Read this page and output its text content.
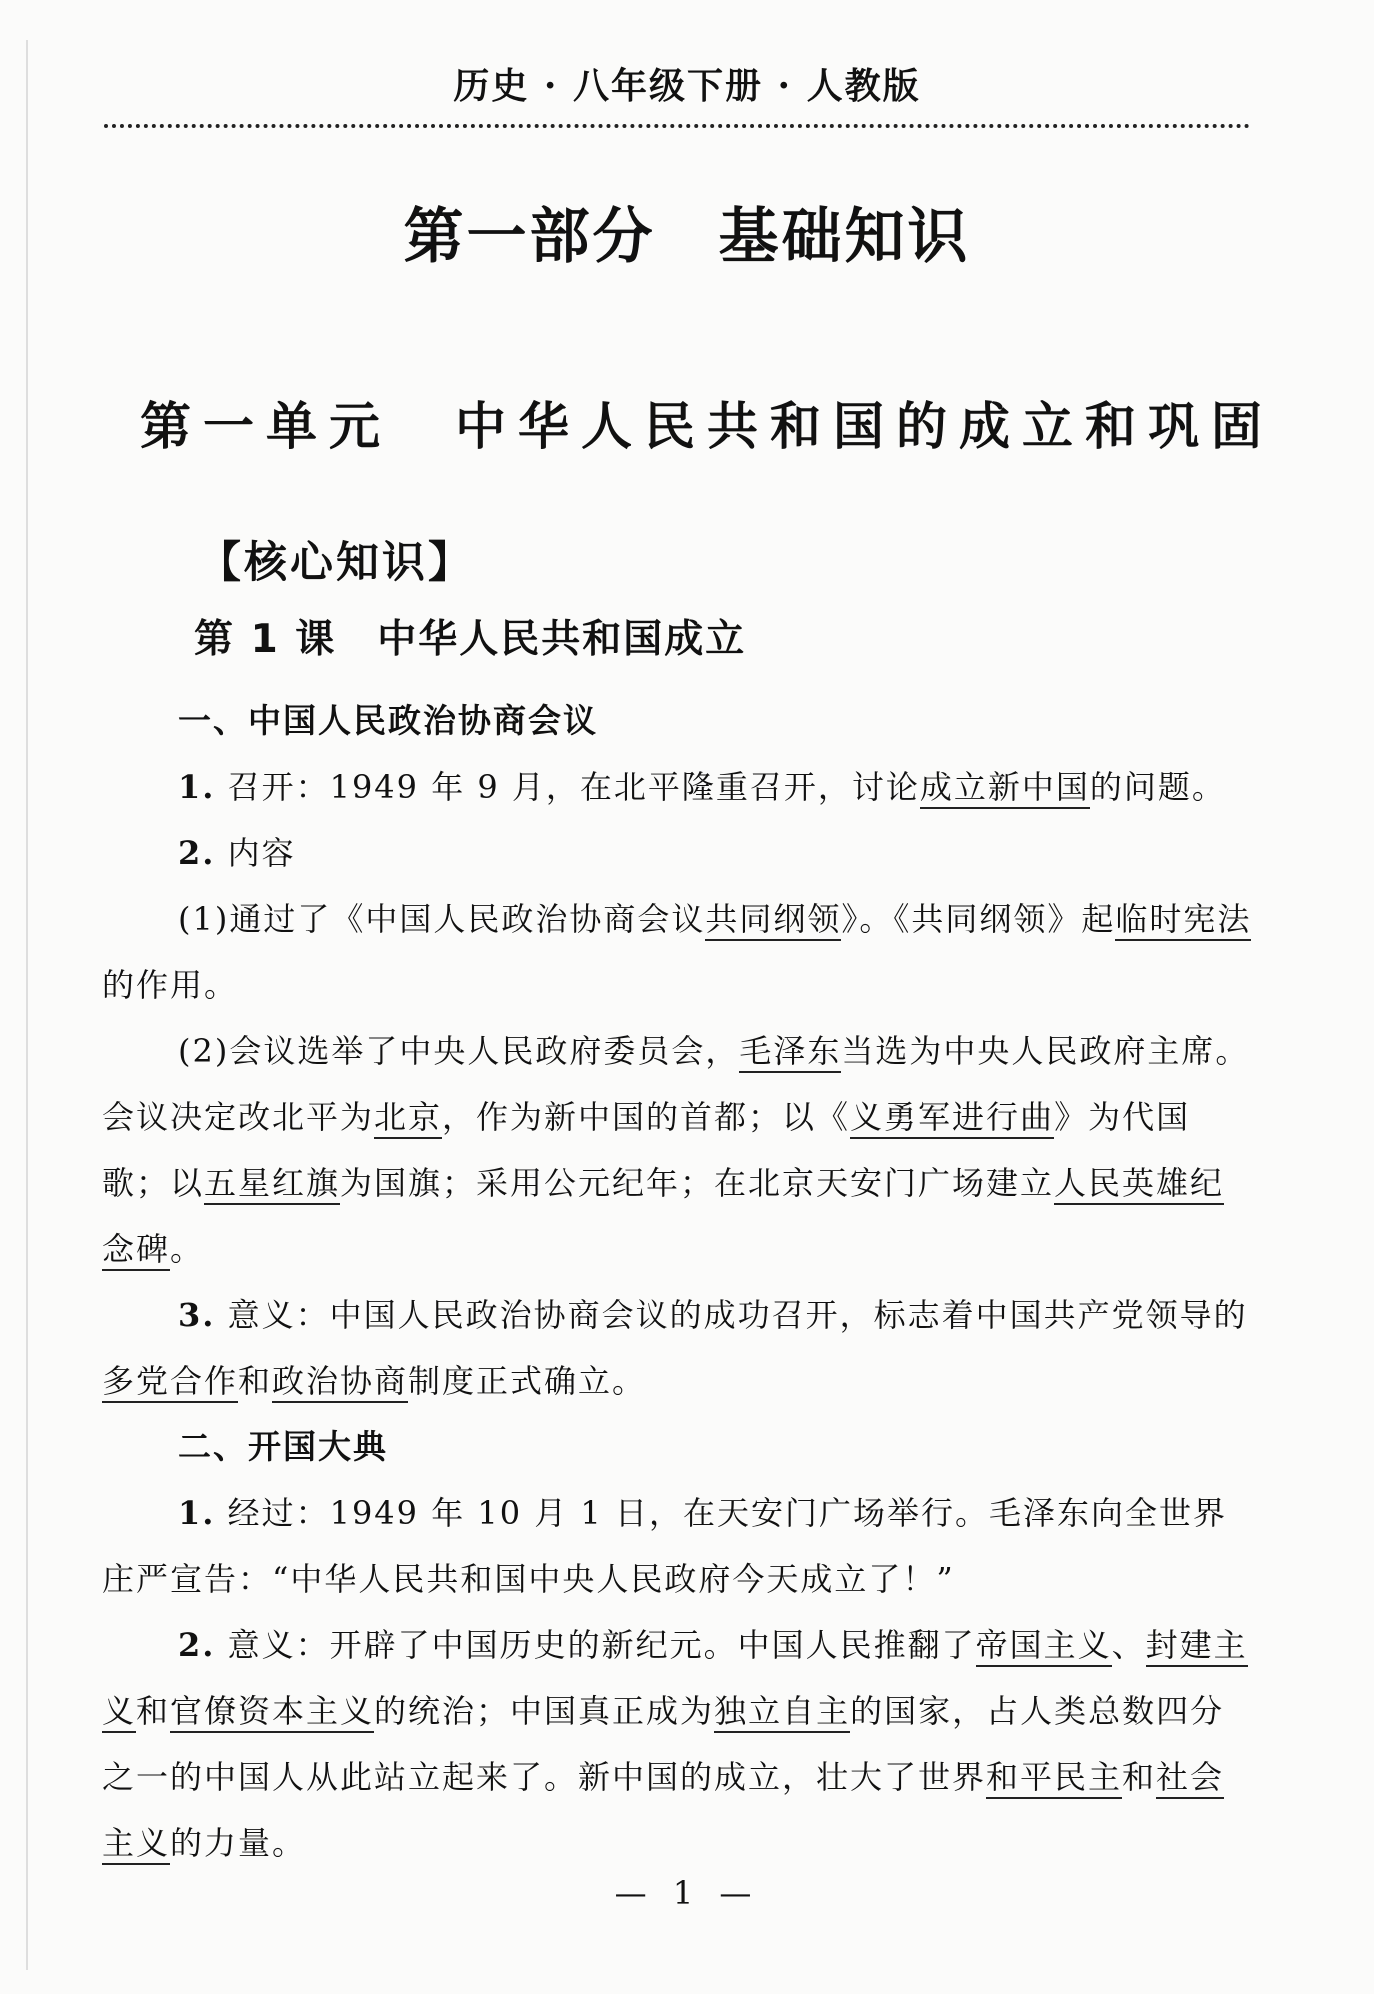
历史 · 八年级下册 · 人教版
第一部分　基础知识
第一单元　中华人民共和国的成立和巩固
【核心知识】
第 1 课　中华人民共和国成立
一、中国人民政治协商会议
1. 召开：1949 年 9 月，在北平隆重召开，讨论成立新中国的问题。
2. 内容
(1)通过了《中国人民政治协商会议共同纲领》。《共同纲领》起临时宪法的作用。
(2)会议选举了中央人民政府委员会，毛泽东当选为中央人民政府主席。会议决定改北平为北京，作为新中国的首都；以《义勇军进行曲》为代国歌；以五星红旗为国旗；采用公元纪年；在北京天安门广场建立人民英雄纪念碑。
3. 意义：中国人民政治协商会议的成功召开，标志着中国共产党领导的多党合作和政治协商制度正式确立。
二、开国大典
1. 经过：1949 年 10 月 1 日，在天安门广场举行。毛泽东向全世界庄严宣告：“中华人民共和国中央人民政府今天成立了！”
2. 意义：开辟了中国历史的新纪元。中国人民推翻了帝国主义、封建主义和官僚资本主义的统治；中国真正成为独立自主的国家，占人类总数四分之一的中国人从此站立起来了。新中国的成立，壮大了世界和平民主和社会主义的力量。
— 1 —
